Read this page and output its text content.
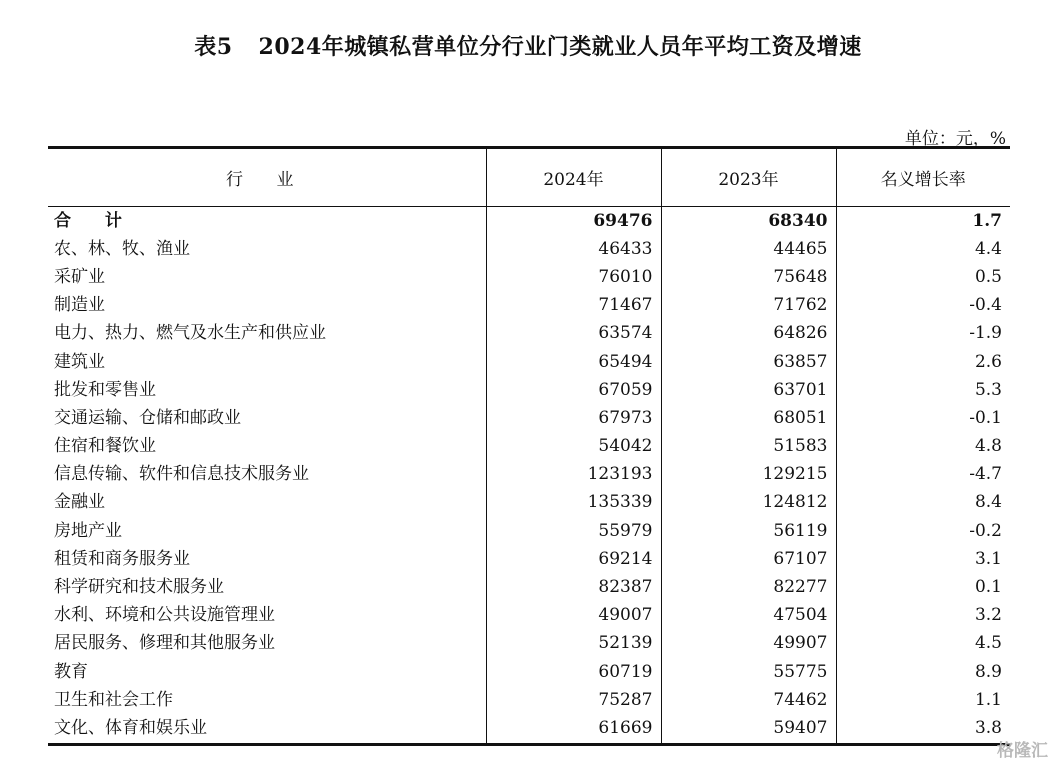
表5 2024年城镇私营单位分行业门类就业人员年平均工资及增速
单位：元，%
行 业	2024年	2023年	名义增长率
合 计	69476	68340	1.7
农、林、牧、渔业	46433	44465	4.4
采矿业	76010	75648	0.5
制造业	71467	71762	-0.4
电力、热力、燃气及水生产和供应业	63574	64826	-1.9
建筑业	65494	63857	2.6
批发和零售业	67059	63701	5.3
交通运输、仓储和邮政业	67973	68051	-0.1
住宿和餐饮业	54042	51583	4.8
信息传输、软件和信息技术服务业	123193	129215	-4.7
金融业	135339	124812	8.4
房地产业	55979	56119	-0.2
租赁和商务服务业	69214	67107	3.1
科学研究和技术服务业	82387	82277	0.1
水利、环境和公共设施管理业	49007	47504	3.2
居民服务、修理和其他服务业	52139	49907	4.5
教育	60719	55775	8.9
卫生和社会工作	75287	74462	1.1
文化、体育和娱乐业	61669	59407	3.8
格隆汇
